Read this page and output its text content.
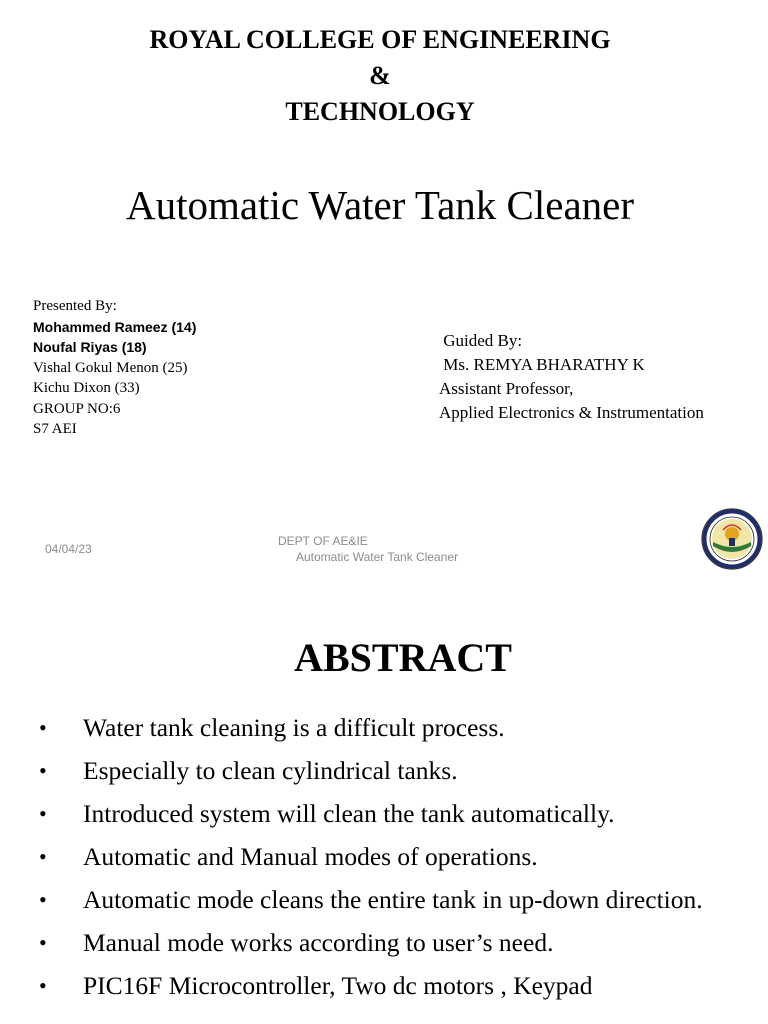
ROYAL COLLEGE OF ENGINEERING
&
TECHNOLOGY
Automatic Water Tank Cleaner
Presented By:
Mohammed Rameez (14)
Noufal Riyas (18)
Vishal Gokul Menon (25)
Kichu Dixon (33)
GROUP NO:6
S7 AEI
Guided By:
Ms. REMYA BHARATHY K
Assistant Professor,
Applied Electronics & Instrumentation
04/04/23
DEPT OF AE&IE
Automatic Water Tank Cleaner
ABSTRACT
• Water tank cleaning is a difficult process.
• Especially to clean cylindrical tanks.
• Introduced system will clean the tank automatically.
• Automatic and Manual modes of operations.
• Automatic mode cleans the entire tank in up-down direction.
• Manual mode works according to user’s need.
• PIC16F Microcontroller, Two dc motors , Keypad
